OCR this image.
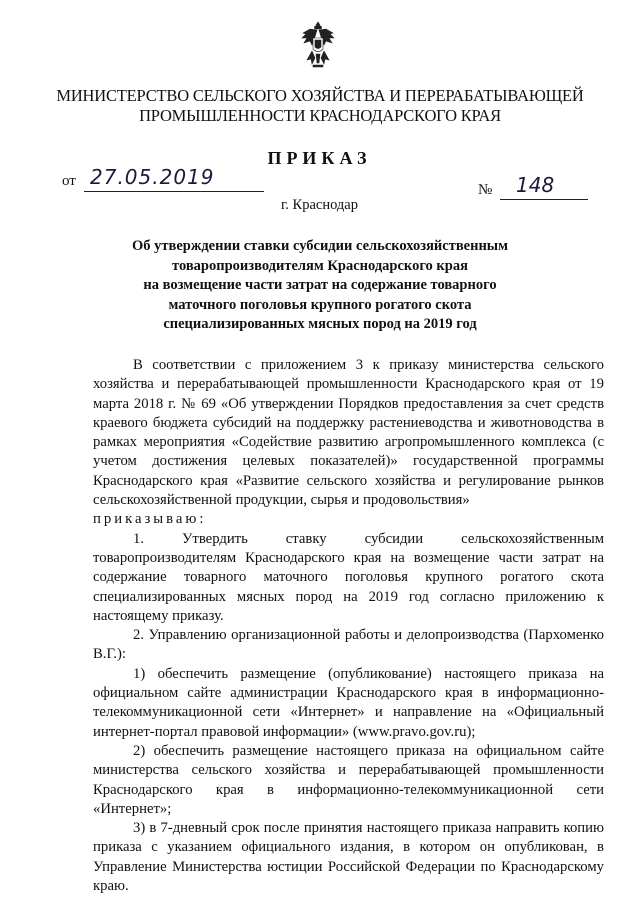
МИНИСТЕРСТВО СЕЛЬСКОГО ХОЗЯЙСТВА И ПЕРЕРАБАТЫВАЮЩЕЙ
ПРОМЫШЛЕННОСТИ КРАСНОДАРСКОГО КРАЯ
ПРИКАЗ
от 27.05.2019
№ 148
г. Краснодар
Об утверждении ставки субсидии сельскохозяйственным
товаропроизводителям Краснодарского края
на возмещение части затрат на содержание товарного
маточного поголовья крупного рогатого скота
специализированных мясных пород на 2019 год

В соответствии с приложением 3 к приказу министерства сельского хозяйства и перерабатывающей промышленности Краснодарского края от 19 марта 2018 г. № 69 «Об утверждении Порядков предоставления за счет средств краевого бюджета субсидий на поддержку растениеводства и животноводства в рамках мероприятия «Содействие развитию агропромышленного комплекса (с учетом достижения целевых показателей)» государственной программы Краснодарского края «Развитие сельского хозяйства и регулирование рынков сельскохозяйственной продукции, сырья и продовольствия»

приказываю:

1. Утвердить ставку субсидии сельскохозяйственным товаропроизводителям Краснодарского края на возмещение части затрат на содержание товарного маточного поголовья крупного рогатого скота специализированных мясных пород на 2019 год согласно приложению к настоящему приказу.

2. Управлению организационной работы и делопроизводства (Пархоменко В.Г.):

1) обеспечить размещение (опубликование) настоящего приказа на официальном сайте администрации Краснодарского края в информационно-телекоммуникационной сети «Интернет» и направление на «Официальный интернет-портал правовой информации» (www.pravo.gov.ru);

2) обеспечить размещение настоящего приказа на официальном сайте министерства сельского хозяйства и перерабатывающей промышленности Краснодарского края в информационно-телекоммуникационной сети «Интернет»;

3) в 7-дневный срок после принятия настоящего приказа направить копию приказа с указанием официального издания, в котором он опубликован, в Управление Министерства юстиции Российской Федерации по Краснодарскому краю.
